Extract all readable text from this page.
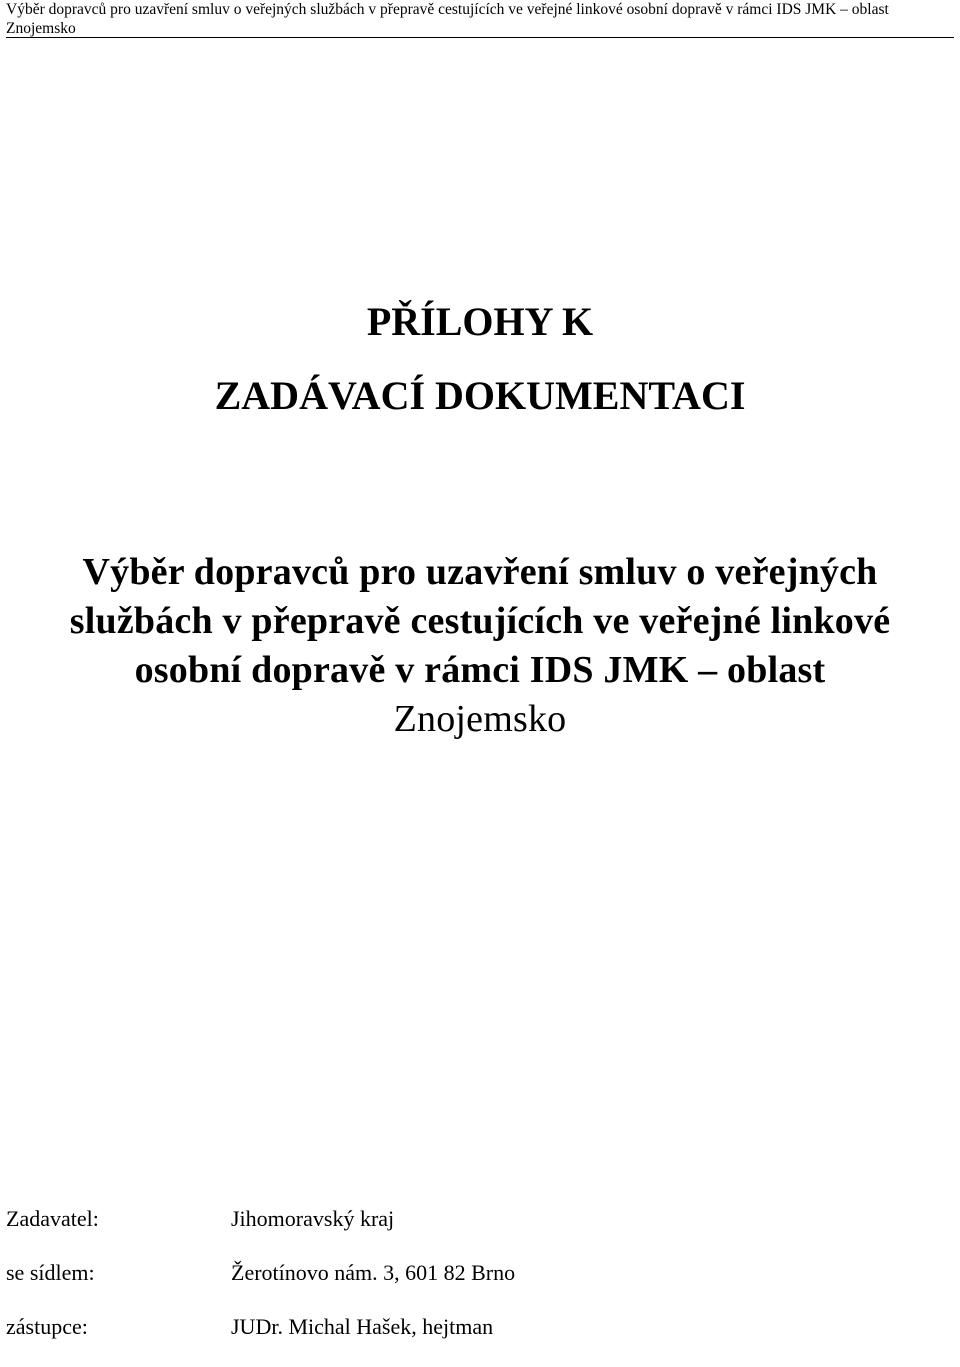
Výběr dopravců pro uzavření smluv o veřejných službách v přepravě cestujících ve veřejné linkové osobní dopravě v rámci IDS JMK – oblast Znojemsko
PŘÍLOHY K
ZADÁVACÍ DOKUMENTACI
Výběr dopravců pro uzavření smluv o veřejných
službách v přepravě cestujících ve veřejné linkové
osobní dopravě v rámci IDS JMK – oblast
Znojemsko
Zadavatel:	Jihomoravský kraj
se sídlem:	Žerotínovo nám. 3, 601 82 Brno
zástupce:	JUDr. Michal Hašek, hejtman
